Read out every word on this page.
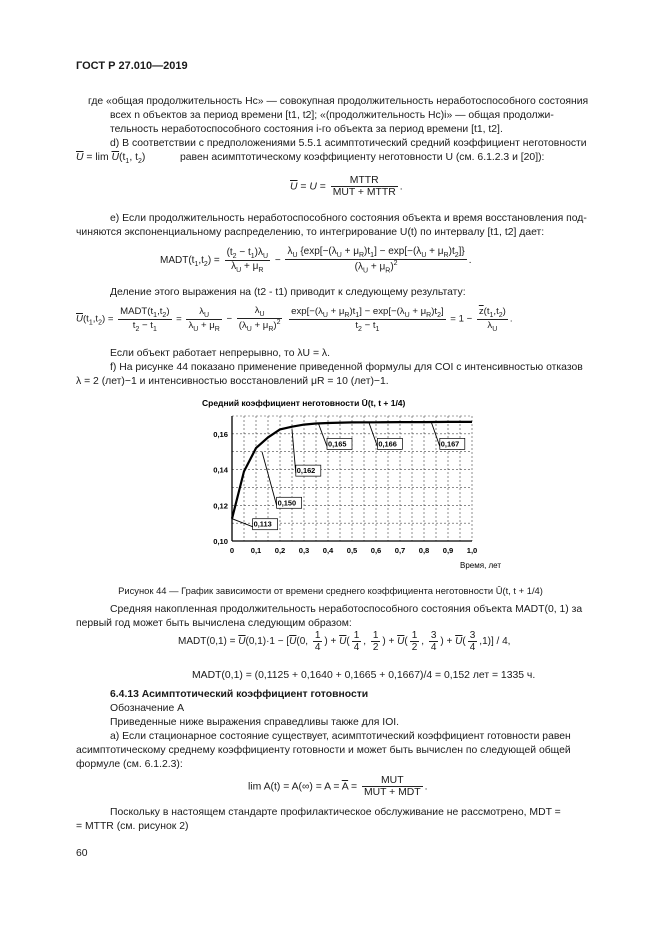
ГОСТ Р 27.010—2019
где «общая продолжительность Hc» — совокупная продолжительность неработоспособного состояния
всех n объектов за период времени [t1, t2]; «(продолжительность Hc)i» — общая продолжи-
тельность неработоспособного состояния i-го объекта за период времени [t1, t2].
d) В соответствии с предположениями 5.5.1 асимптотический средний коэффициент неготовности
$\overline{U} = \lim \overline{U}(t_1$, $t_2$)	равен асимптотическому коэффициенту неготовности U (см. 6.1.2.3 и [20]):
$\overline{U} = U = \frac{\text{MTTR}}{\text{MUT + MTTR}}$ .
е) Если продолжительность неработоспособного состояния объекта и время восстановления под-
чиняются экспоненциальному распределению, то интегрирование U(t) по интервалу [t1, t2] дает:
$MADT(t_1,t_2) = \frac{(t_2 - t_1)\lambda_U}{\lambda_U + \mu_R} - \frac{\lambda_U \{\exp[-(\lambda_U + \mu_R)t_1] - \exp[-(\lambda_U + \mu_R)t_2]\}}{(\lambda_U + \mu_R)^2}$ .
Деление этого выражения на (t2 - t1) приводит к следующему результату:
$\overline{U}(t_1,t_2) = \frac{MADT(t_1,t_2)}{t_2 - t_1} = \frac{\lambda_U}{\lambda_U + \mu_R} - \frac{\lambda_U}{(\lambda_U + \mu_R)^2}$
$\frac{\exp[-(\lambda_U + \mu_R)t_1] - \exp[-(\lambda_U + \mu_R)t_2]}{t_2 - t_1} = 1 - \frac{\overline{z}(t_1,t_2)}{\lambda_U}$ .
Если объект работает непрерывно, то λU = λ.
f) На рисунке 44 показано применение приведенной формулы для COI с интенсивностью отказов
λ = 2 (лет)−1 и интенсивностью восстановлений μR = 10 (лет)−1.
Средний коэффициент неготовности Ū(t, t + 1/4)
0 0,1 0,2 0,3 0,4 0,5 0,6 0,7 0,8 0,9 1,0
0,10
0,12
0,14
0,16
0,113
0,150
0,162
0,165	0,166	0,167
Время, лет
Рисунок 44 — График зависимости от времени среднего коэффициента неготовности Ū(t, t + 1/4)
Средняя накопленная продолжительность неработоспособного состояния объекта MADT(0, 1) за
первый год может быть вычислена следующим образом:
MADT(0,1) = $\overline{U}(0,1)\cdot 1 - [\overline{U}(0$, $\frac{1}{4}$ ) + $\overline{U}( \frac{1}{4}$ , $\frac{1}{2}$ ) + $\overline{U}( \frac{1}{2}$ , $\frac{3}{4}$ ) + $\overline{U}( \frac{3}{4} ,1)] / 4$,
MADT(0,1) = (0,1125 + 0,1640 + 0,1665 + 0,1667)/4 = 0,152 лет = 1335 ч.
6.4.13 Асимптотический коэффициент готовности
Обозначение A
Приведенные ниже выражения справедливы также для IOI.
а) Если стационарное состояние существует, асимптотический коэффициент готовности равен
асимптотическому среднему коэффициенту готовности и может быть вычислен по следующей общей
формуле (см. 6.1.2.3):
$\lim A(t) = A(\infty) = A = \overline{A} = \frac{\text{MUT}}{\text{MUT + MDT}}$ .
Поскольку в настоящем стандарте профилактическое обслуживание не рассмотрено, MDT =
= MTTR (см. рисунок 2)
60
